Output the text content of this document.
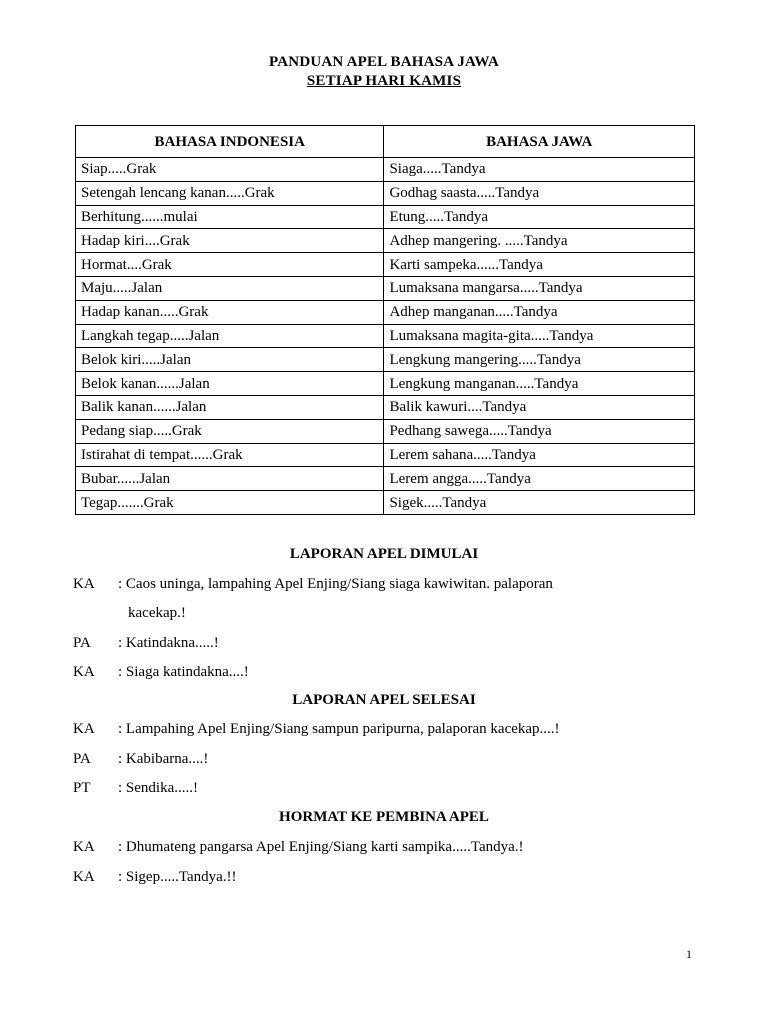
PANDUAN APEL BAHASA JAWA
SETIAP HARI KAMIS
BAHASA INDONESIA	BAHASA JAWA
Siap.....Grak	Siaga.....Tandya
Setengah lencang kanan.....Grak	Godhag saasta.....Tandya
Berhitung......mulai	Etung.....Tandya
Hadap kiri....Grak	Adhep mangering. .....Tandya
Hormat....Grak	Karti sampeka......Tandya
Maju.....Jalan	Lumaksana mangarsa.....Tandya
Hadap kanan.....Grak	Adhep manganan.....Tandya
Langkah tegap.....Jalan	Lumaksana magita-gita.....Tandya
Belok kiri.....Jalan	Lengkung mangering.....Tandya
Belok kanan......Jalan	Lengkung manganan.....Tandya
Balik kanan......Jalan	Balik kawuri....Tandya
Pedang siap.....Grak	Pedhang sawega.....Tandya
Istirahat di tempat......Grak	Lerem sahana.....Tandya
Bubar......Jalan	Lerem angga.....Tandya
Tegap.......Grak	Sigek.....Tandya
LAPORAN APEL DIMULAI
KA : Caos uninga, lampahing Apel Enjing/Siang siaga kawiwitan. palaporan
kacekap.!
PA : Katindakna.....!
KA : Siaga katindakna....!
LAPORAN APEL SELESAI
KA : Lampahing Apel Enjing/Siang sampun paripurna, palaporan kacekap....!
PA : Kabibarna....!
PT : Sendika.....!
HORMAT KE PEMBINA APEL
KA : Dhumateng pangarsa Apel Enjing/Siang karti sampika.....Tandya.!
KA : Sigep.....Tandya.!!
1
